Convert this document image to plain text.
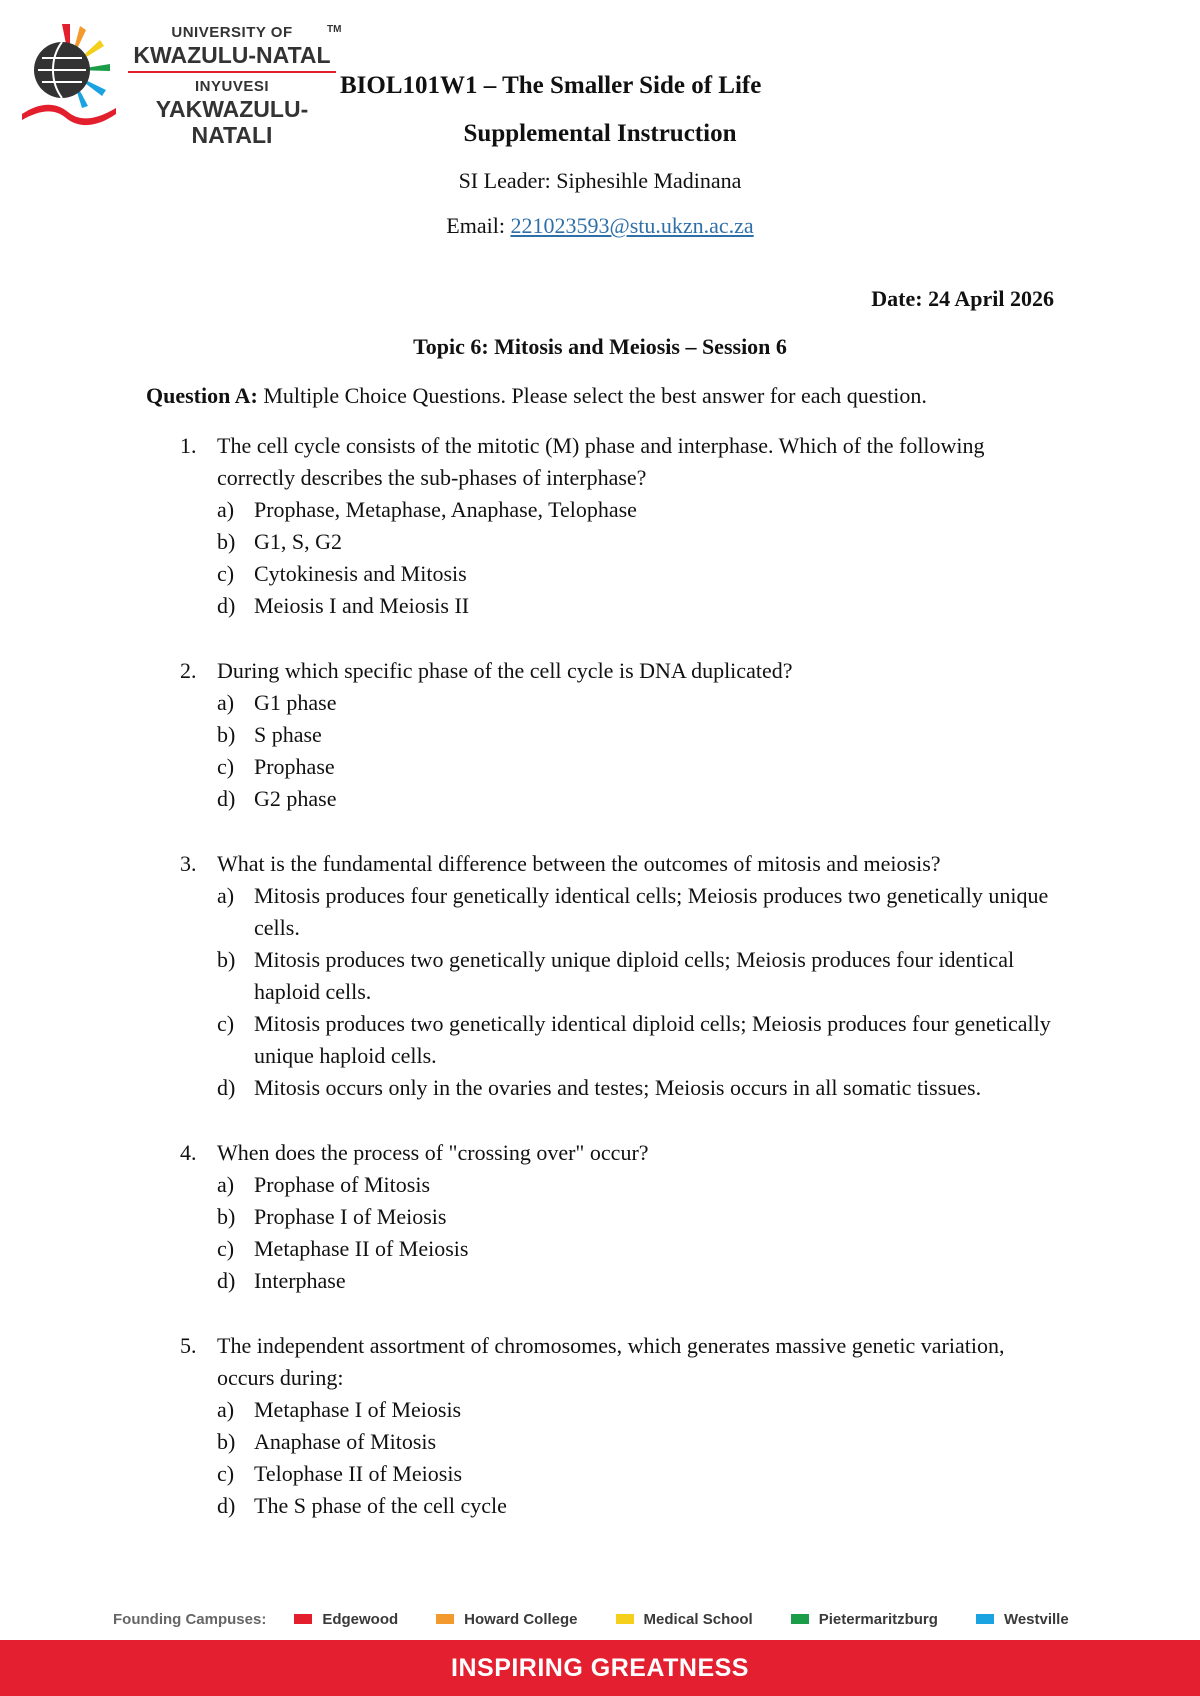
UNIVERSITY OF
KWAZULU-NATAL
INYUVESI
YAKWAZULU-NATALI
TM
BIOL101W1 – The Smaller Side of Life
Supplemental Instruction
SI Leader: Siphesihle Madinana
Email: 221023593@stu.ukzn.ac.za
Date: 24 April 2026
Topic 6: Mitosis and Meiosis – Session 6
Question A: Multiple Choice Questions. Please select the best answer for each question.
1. The cell cycle consists of the mitotic (M) phase and interphase. Which of the following correctly describes the sub-phases of interphase?
a) Prophase, Metaphase, Anaphase, Telophase
b) G1, S, G2
c) Cytokinesis and Mitosis
d) Meiosis I and Meiosis II
2. During which specific phase of the cell cycle is DNA duplicated?
a) G1 phase
b) S phase
c) Prophase
d) G2 phase
3. What is the fundamental difference between the outcomes of mitosis and meiosis?
a) Mitosis produces four genetically identical cells; Meiosis produces two genetically unique cells.
b) Mitosis produces two genetically unique diploid cells; Meiosis produces four identical haploid cells.
c) Mitosis produces two genetically identical diploid cells; Meiosis produces four genetically unique haploid cells.
d) Mitosis occurs only in the ovaries and testes; Meiosis occurs in all somatic tissues.
4. When does the process of "crossing over" occur?
a) Prophase of Mitosis
b) Prophase I of Meiosis
c) Metaphase II of Meiosis
d) Interphase
5. The independent assortment of chromosomes, which generates massive genetic variation, occurs during:
a) Metaphase I of Meiosis
b) Anaphase of Mitosis
c) Telophase II of Meiosis
d) The S phase of the cell cycle
Founding Campuses:	Edgewood	Howard College	Medical School	Pietermaritzburg	Westville
INSPIRING GREATNESS
